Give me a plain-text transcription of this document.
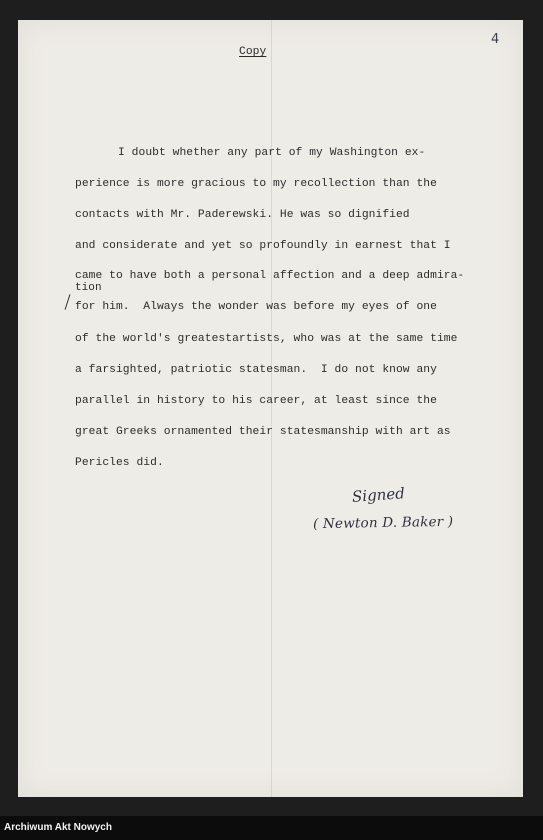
4
Copy
I doubt whether any part of my Washington ex-
perience is more gracious to my recollection than the
contacts with Mr. Paderewski. He was so dignified
and considerate and yet so profoundly in earnest that I
came to have both a personal affection and a deep admira-
tion
for him.  Always the wonder was before my eyes of one
of the world's greatestartists, who was at the same time
a farsighted, patriotic statesman.  I do not know any
parallel in history to his career, at least since the
great Greeks ornamented their statesmanship with art as
Pericles did.
Signed
( Newton D. Baker )
Archiwum Akt Nowych
